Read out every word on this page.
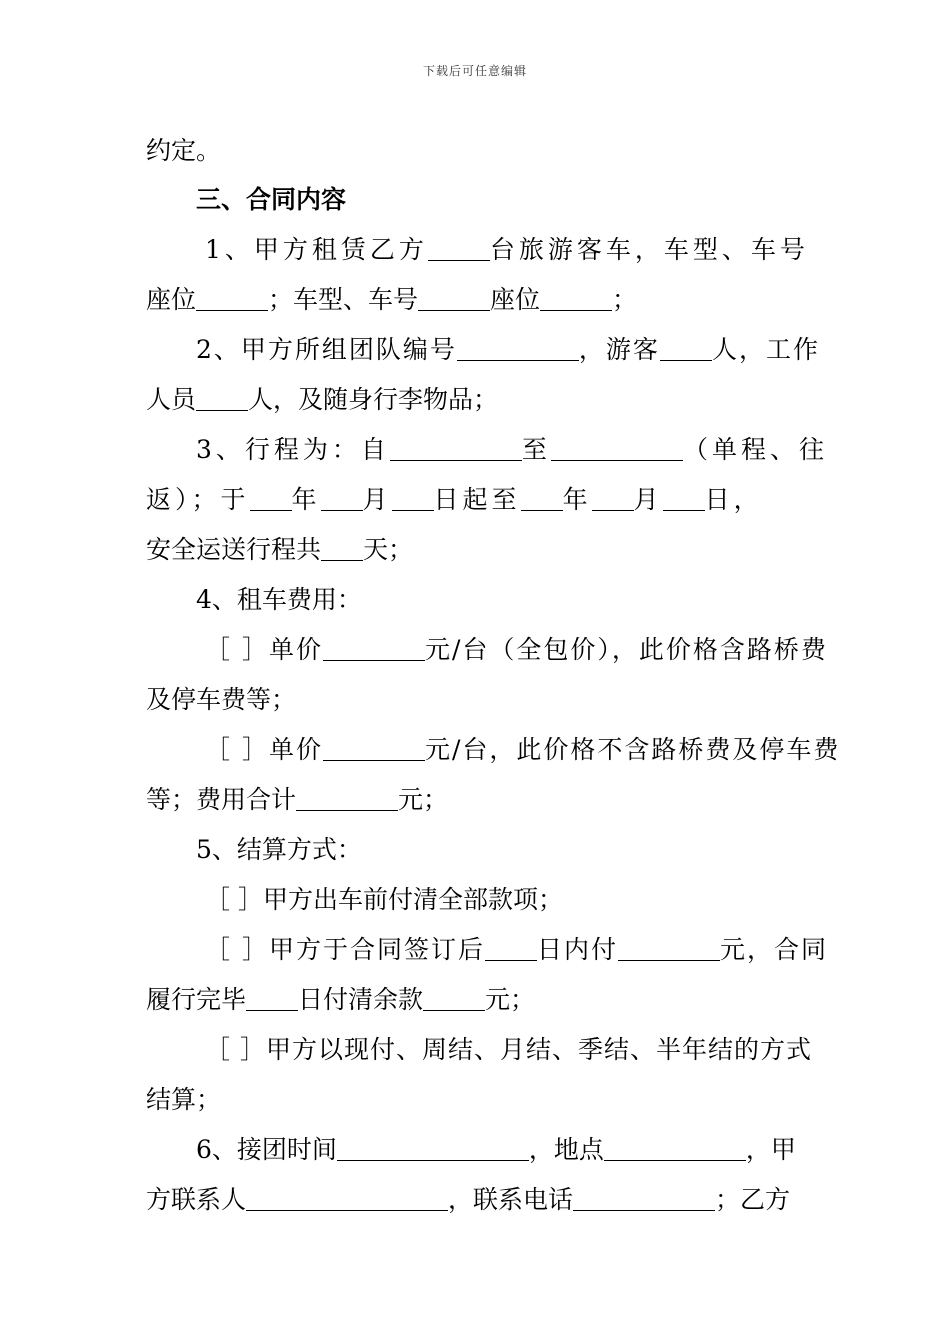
下载后可任意编辑
约定。
三、合同内容
1、甲方租赁乙方 台旅游客车，车型、车号
座位	；车型、车号	座位	；
2、甲方所组团队编号	，游客 人，工作
人员 人，及随身行李物品；
3、行程为：自	至	（单程、往
返）；于 年 月 日起至 年 月 日，
安全运送行程共 天；
4、租车费用：
［ ］单价	元/台（全包价），此价格含路桥费
及停车费等；
［ ］单价	元/台，此价格不含路桥费及停车费
等；费用合计	元；
5、结算方式：
［ ］甲方出车前付清全部款项；
［ ］甲方于合同签订后 日内付	元，合同
履行完毕 日付清余款 元；
［ ］甲方以现付、周结、月结、季结、半年结的方式
结算；
6、接团时间	，地点	，甲
方联系人	，联系电话	；乙方
